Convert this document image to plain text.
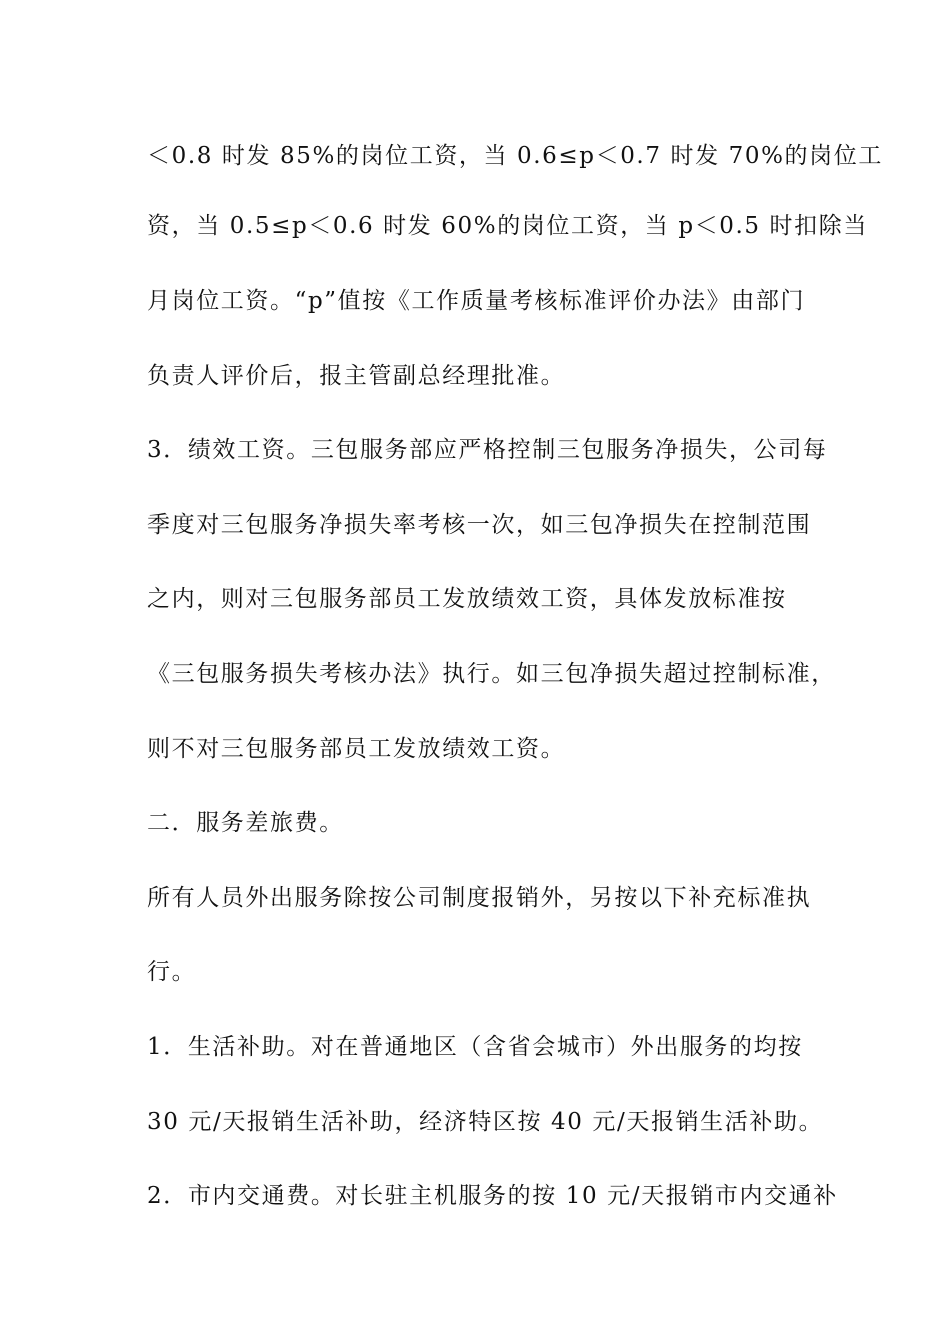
＜0.8 时发 85%的岗位工资，当 0.6≤p＜0.7 时发 70%的岗位工
资，当 0.5≤p＜0.6 时发 60%的岗位工资，当 p＜0.5 时扣除当
月岗位工资。“p”值按《工作质量考核标准评价办法》由部门
负责人评价后，报主管副总经理批准。
3．绩效工资。三包服务部应严格控制三包服务净损失，公司每
季度对三包服务净损失率考核一次，如三包净损失在控制范围
之内，则对三包服务部员工发放绩效工资，具体发放标准按
《三包服务损失考核办法》执行。如三包净损失超过控制标准，
则不对三包服务部员工发放绩效工资。
二．服务差旅费。
所有人员外出服务除按公司制度报销外，另按以下补充标准执
行。
1．生活补助。对在普通地区（含省会城市）外出服务的均按
30 元/天报销生活补助，经济特区按 40 元/天报销生活补助。
2．市内交通费。对长驻主机服务的按 10 元/天报销市内交通补
